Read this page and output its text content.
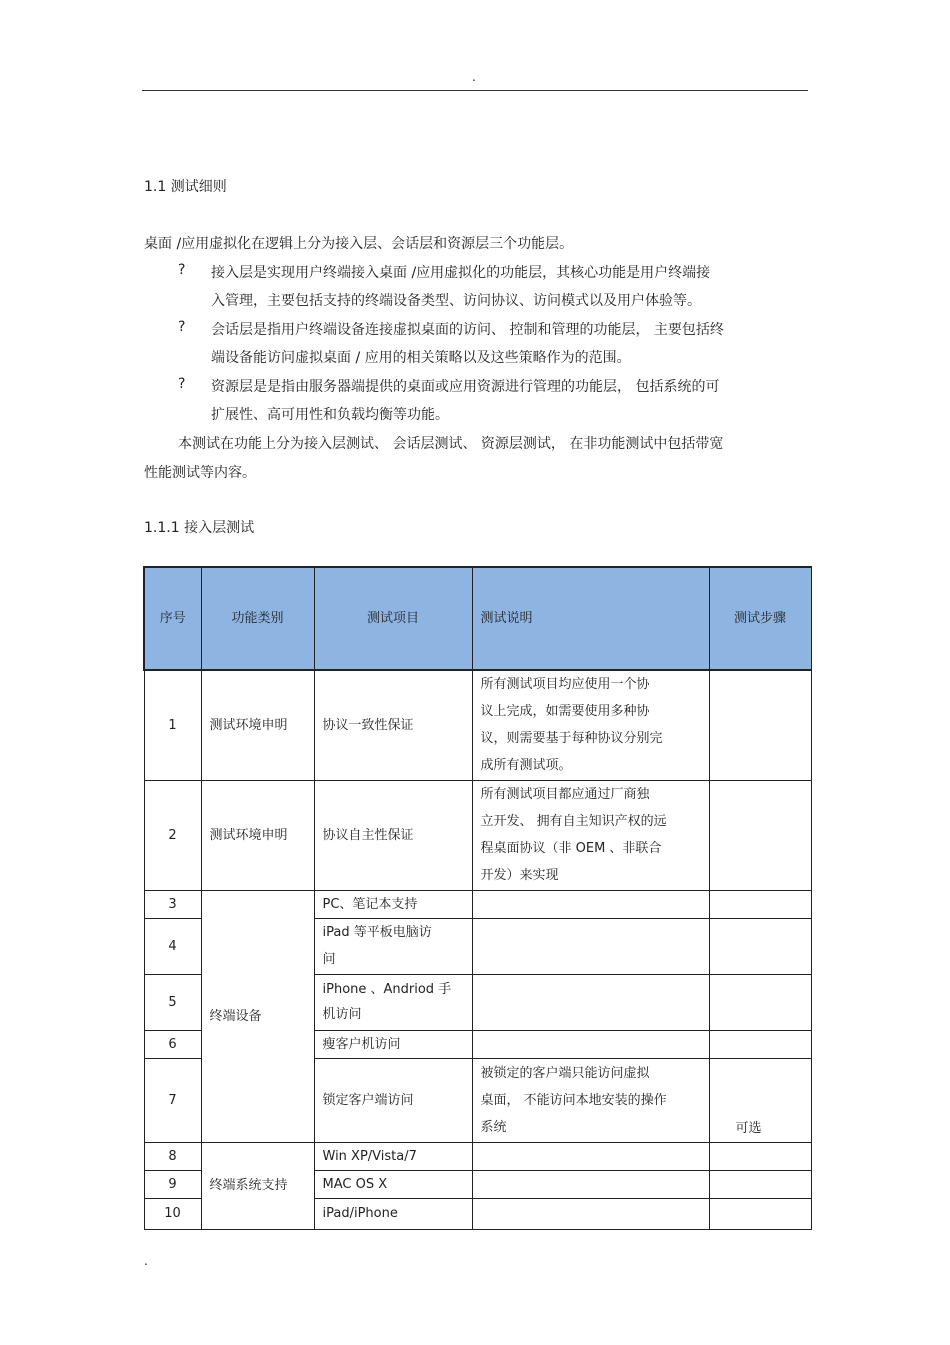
.
1.1 测试细则
桌面 /应用虚拟化在逻辑上分为接入层、会话层和资源层三个功能层。
? 接入层是实现用户终端接入桌面 /应用虚拟化的功能层，其核心功能是用户终端接
入管理，主要包括支持的终端设备类型、访问协议、访问模式以及用户体验等。
? 会话层是指用户终端设备连接虚拟桌面的访问、 控制和管理的功能层， 主要包括终
端设备能访问虚拟桌面 / 应用的相关策略以及这些策略作为的范围。
? 资源层是是指由服务器端提供的桌面或应用资源进行管理的功能层， 包括系统的可
扩展性、高可用性和负载均衡等功能。
本测试在功能上分为接入层测试、 会话层测试、 资源层测试， 在非功能测试中包括带宽
性能测试等内容。
1.1.1 接入层测试
序号	功能类别	测试项目	测试说明	测试步骤
1	测试环境申明	协议一致性保证	所有测试项目均应使用一个协
议上完成，如需要使用多种协
议，则需要基于每种协议分别完
成所有测试项。	

2	测试环境申明	协议自主性保证	所有测试项目都应通过厂商独
立开发、 拥有自主知识产权的远
程桌面协议（非 OEM 、非联合
开发）来实现	

3	终端设备	PC、笔记本支持		
4		iPad 等平板电脑访
问		
5		iPhone 、Andriod 手
机访问		
6		瘦客户机访问		
7		锁定客户端访问	被锁定的客户端只能访问虚拟
桌面， 不能访问本地安装的操作
系统	可选
8	终端系统支持	Win XP/Vista/7		
9		MAC OS X		
10		iPad/iPhone		
.
